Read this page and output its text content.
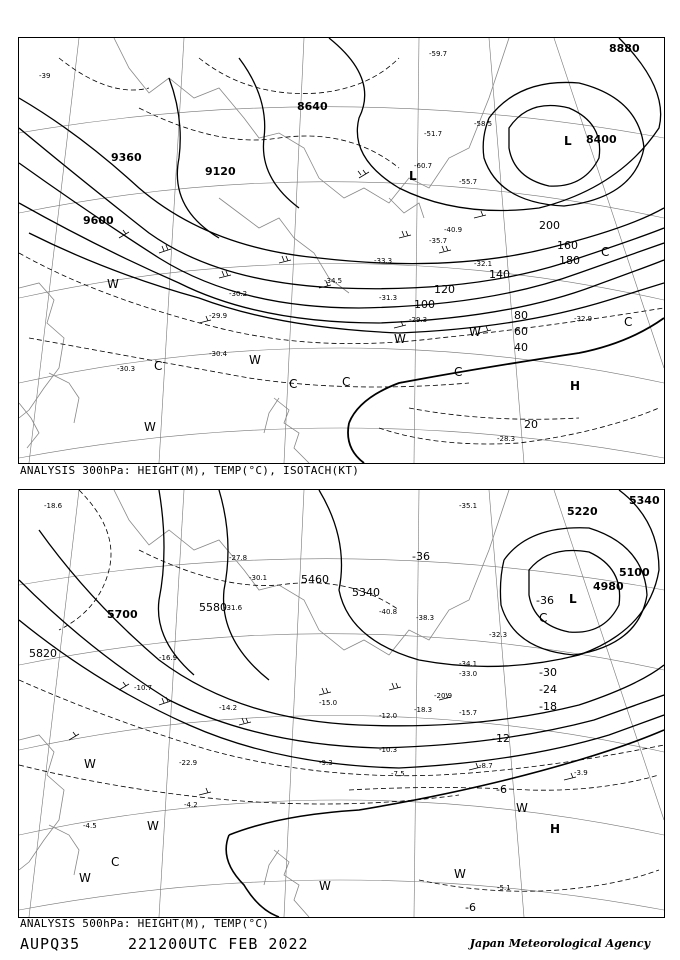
8880
8400
8640
9120
9360
9600
20
40
60
80
100
120
140
160
180
200
-39
-51.7
-60.7
-35.7
-34.5
-33.3	-32.1
-31.3
-30.4
-30.3
-30.2
-29.9	-29.3
-28.3
-32.9
-40.9
-55.7
-58.5
-59.7
L
L
H
W
W
W	W
W
C
C	C
C
C
C
ANALYSIS 300hPa: HEIGHT(M), TEMP(°C), ISOTACH(KT)
5340
5220
5100
4980
5460
5580
5700
5820
5340
-36
-36
-30
-24
-18
-12
-6
-6
-35.1
-34.1
-33.0
-20.9
-18.3	-15.7
-15.0
-12.0
-10.3
-9.3	-8.7
-7.5
-5.1
-3.9
-4.5
-4.2
-10.7
-14.2
-16.9
-18.6
-22.9
-27.8
-30.1
-31.6
-32.3
-38.3
-40.8
L
H
W
W
W
W
W
W
C
C
ANALYSIS 500hPa: HEIGHT(M), TEMP(°C)
AUPQ35	221200UTC FEB 2022	Japan Meteorological Agency
